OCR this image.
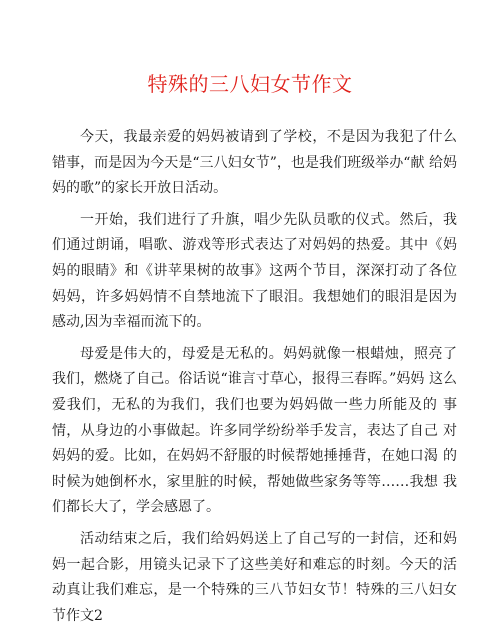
特殊的三八妇女节作文

今天，我最亲爱的妈妈被请到了学校，不是因为我犯了什么 错事，而是因为今天是“三八妇女节”，也是我们班级举办“献 给妈妈的歌”的家长开放日活动。

一开始，我们进行了升旗，唱少先队员歌的仪式。然后，我 们通过朗诵，唱歌、游戏等形式表达了对妈妈的热爱。其中《妈 妈的眼睛》和《讲苹果树的故事》这两个节目，深深打动了各位 妈妈，许多妈妈情不自禁地流下了眼泪。我想她们的眼泪是因为 感动,因为幸福而流下的。

母爱是伟大的，母爱是无私的。妈妈就像一根蜡烛，照亮了 我们，燃烧了自己。俗话说“谁言寸草心，报得三春晖。”妈妈 这么爱我们，无私的为我们，我们也要为妈妈做一些力所能及的 事情，从身边的小事做起。许多同学纷纷举手发言，表达了自己 对妈妈的爱。比如，在妈妈不舒服的时候帮她捶捶背，在她口渴 的时候为她倒杯水，家里脏的时候，帮她做些家务等等……我想 我们都长大了，学会感恩了。

活动结束之后，我们给妈妈送上了自己写的一封信，还和妈 妈一起合影，用镜头记录下了这些美好和难忘的时刻。今天的活 动真让我们难忘，是一个特殊的三八节妇女节！特殊的三八妇女 节作文2
